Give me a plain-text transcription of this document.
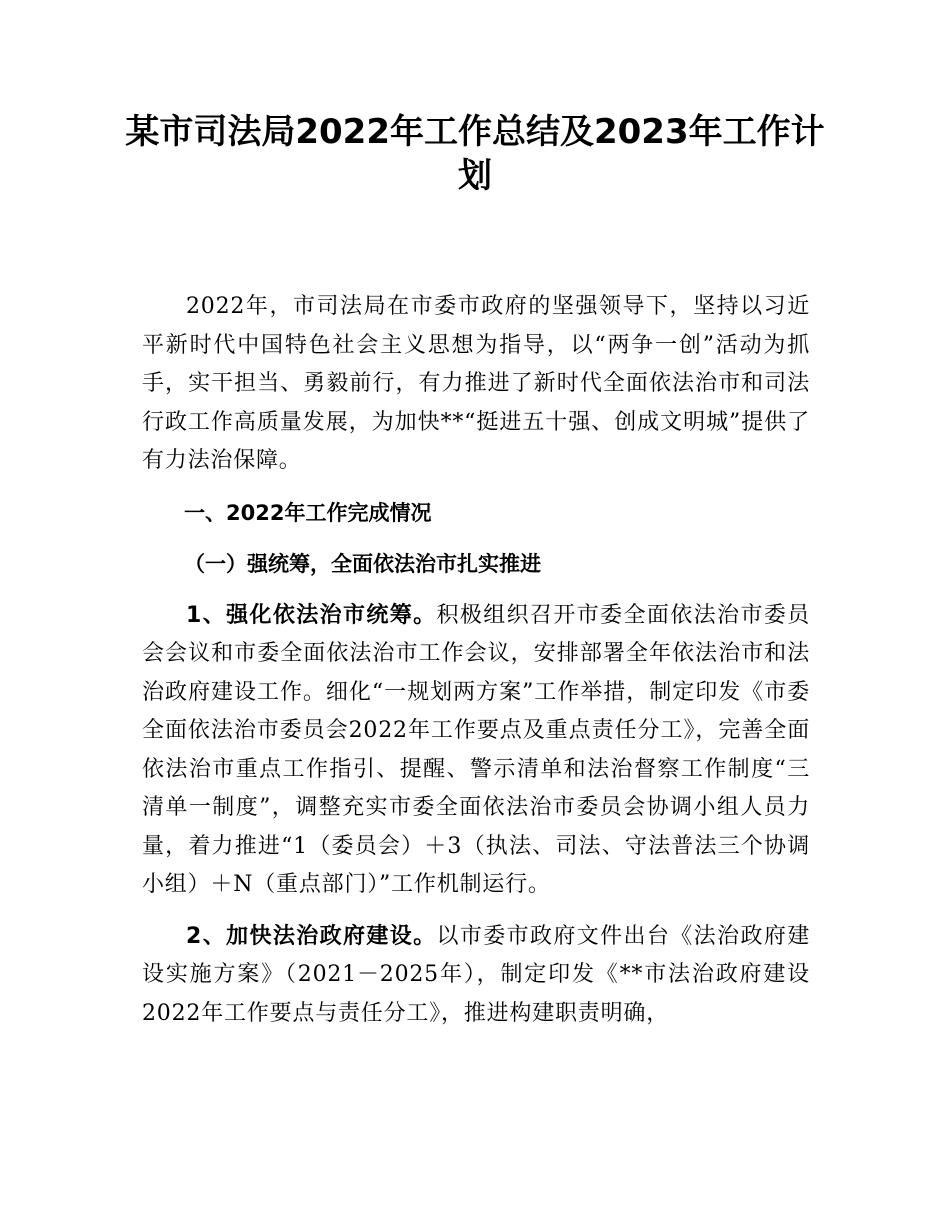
某市司法局2022年工作总结及2023年工作计划

2022年，市司法局在市委市政府的坚强领导下，坚持以习近平新时代中国特色社会主义思想为指导，以“两争一创”活动为抓手，实干担当、勇毅前行，有力推进了新时代全面依法治市和司法行政工作高质量发展，为加快**“挺进五十强、创成文明城”提供了有力法治保障。

一、2022年工作完成情况

（一）强统筹，全面依法治市扎实推进

1、强化依法治市统筹。积极组织召开市委全面依法治市委员会会议和市委全面依法治市工作会议，安排部署全年依法治市和法治政府建设工作。细化“一规划两方案”工作举措，制定印发《市委全面依法治市委员会2022年工作要点及重点责任分工》，完善全面依法治市重点工作指引、提醒、警示清单和法治督察工作制度“三清单一制度”，调整充实市委全面依法治市委员会协调小组人员力量，着力推进“1（委员会）＋3（执法、司法、守法普法三个协调小组）＋N（重点部门）”工作机制运行。

2、加快法治政府建设。以市委市政府文件出台《法治政府建设实施方案》（2021－2025年），制定印发《**市法治政府建设2022年工作要点与责任分工》，推进构建职责明确，
